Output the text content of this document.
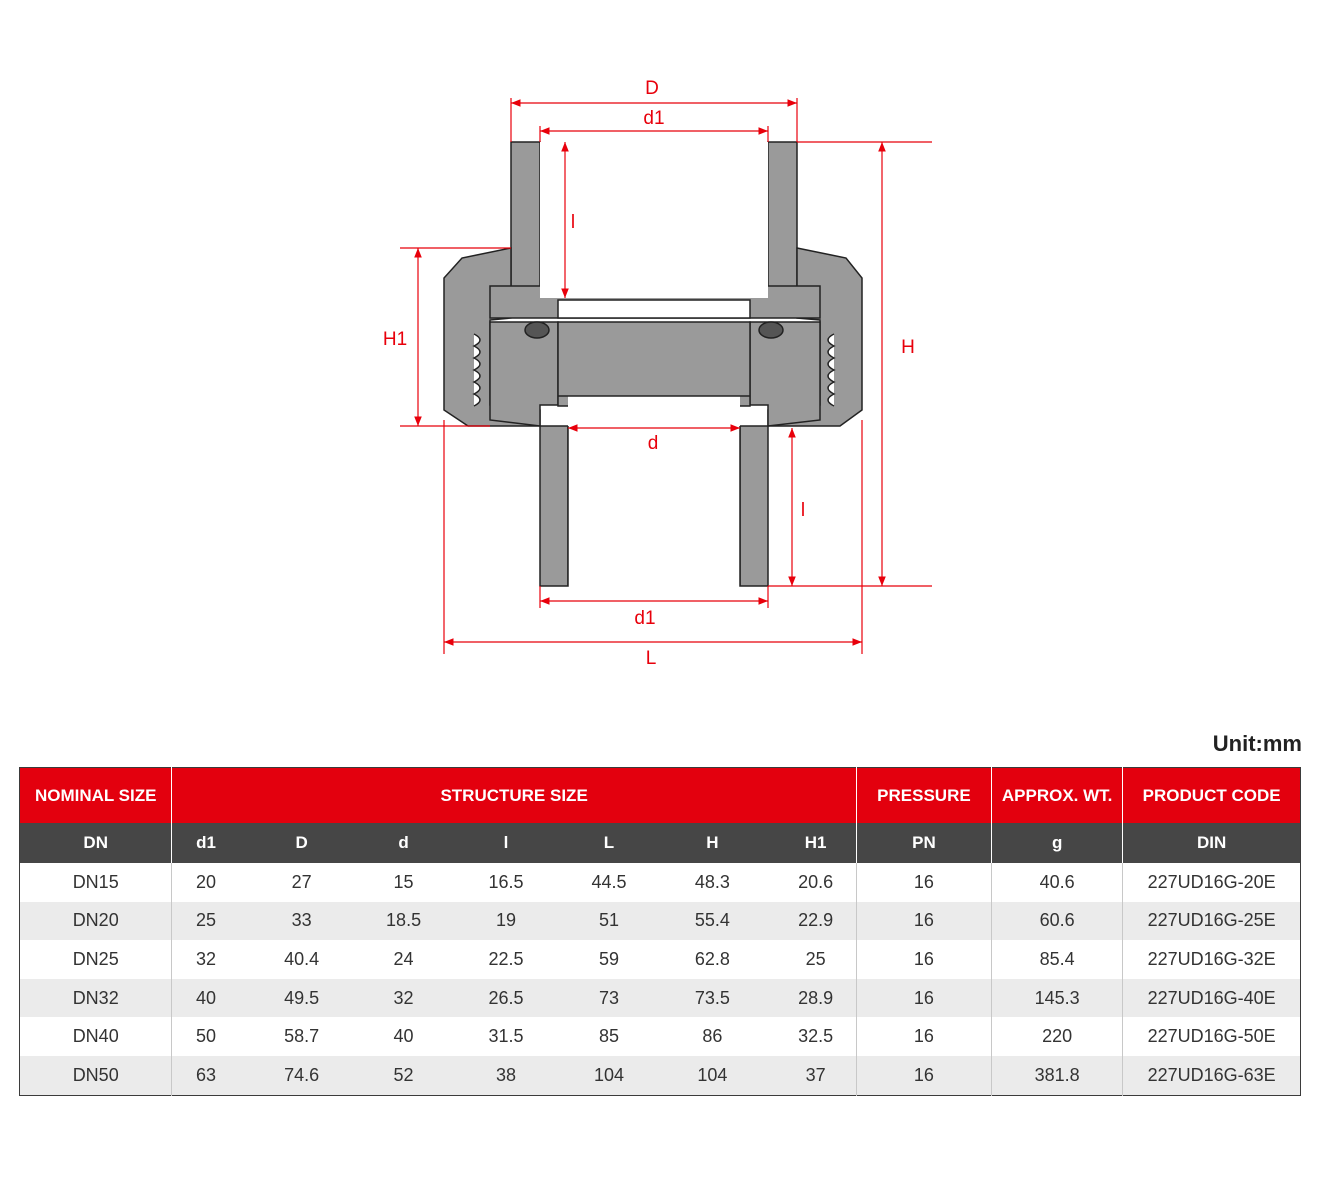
D
d1
l
H1	H
d
l
d1
L
Unit:mm
NOMINAL SIZE	STRUCTURE SIZE							PRESSURE	APPROX. WT.	PRODUCT CODE
DN	d1	D	d	l	L	H	H1	PN	g	DIN
DN15	20	27	15	16.5	44.5	48.3	20.6	16	40.6	227UD16G-20E
DN20	25	33	18.5	19	51	55.4	22.9	16	60.6	227UD16G-25E
DN25	32	40.4	24	22.5	59	62.8	25	16	85.4	227UD16G-32E
DN32	40	49.5	32	26.5	73	73.5	28.9	16	145.3	227UD16G-40E
DN40	50	58.7	40	31.5	85	86	32.5	16	220	227UD16G-50E
DN50	63	74.6	52	38	104	104	37	16	381.8	227UD16G-63E
